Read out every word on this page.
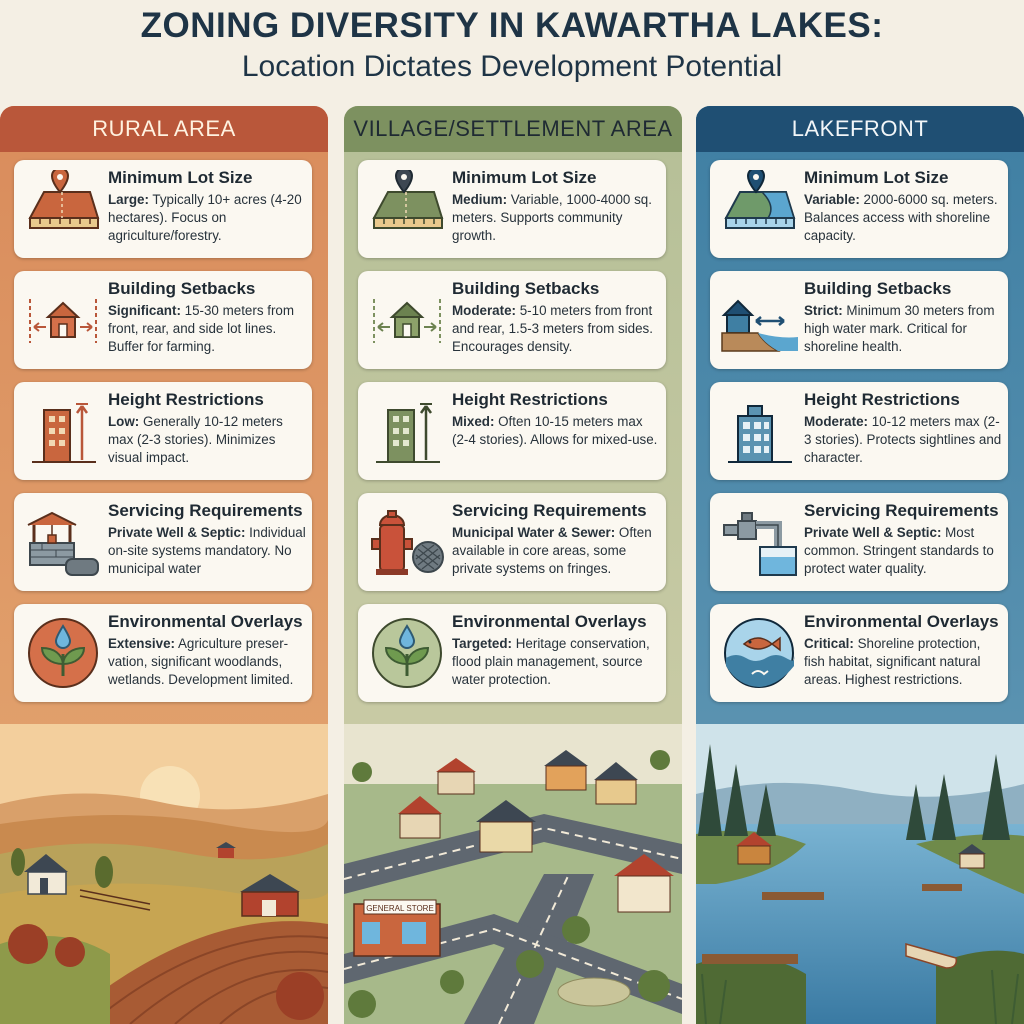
ZONING DIVERSITY IN KAWARTHA LAKES:
Location Dictates Development Potential
RURAL AREA
Minimum Lot Size

Large: Typically 10+ acres (4-20 hectares). Focus on agriculture/forestry.

Building Setbacks

Significant: 15-30 meters from front, rear, and side lot lines. Buffer for farming.

Height Restrictions

Low: Generally 10-12 meters max (2-3 stories). Minimizes visual impact.

Servicing Requirements

Private Well & Septic: Individual on-site systems mandatory. No municipal water

Environmental Overlays

Extensive: Agriculture preser-vation, significant woodlands, wetlands. Development limited.

VILLAGE/SETTLEMENT AREA
Minimum Lot Size

Medium: Variable, 1000-4000 sq. meters. Supports community growth.

Building Setbacks

Moderate: 5-10 meters from front and rear, 1.5-3 meters from sides. Encourages density.

Height Restrictions

Mixed: Often 10-15 meters max (2-4 stories). Allows for mixed-use.

Servicing Requirements

Municipal Water & Sewer: Often available in core areas, some private systems on fringes.

Environmental Overlays

Targeted: Heritage conservation, flood plain management, source water protection.

GENERAL STORE
LAKEFRONT
Minimum Lot Size

Variable: 2000-6000 sq. meters. Balances access with shoreline capacity.

Building Setbacks

Strict: Minimum 30 meters from high water mark. Critical for shoreline health.

Height Restrictions

Moderate: 10-12 meters max (2-3 stories). Protects sightlines and character.

Servicing Requirements

Private Well & Septic: Most common. Stringent standards to protect water quality.

Environmental Overlays

Critical: Shoreline protection, fish habitat, significant natural areas. Highest restrictions.
